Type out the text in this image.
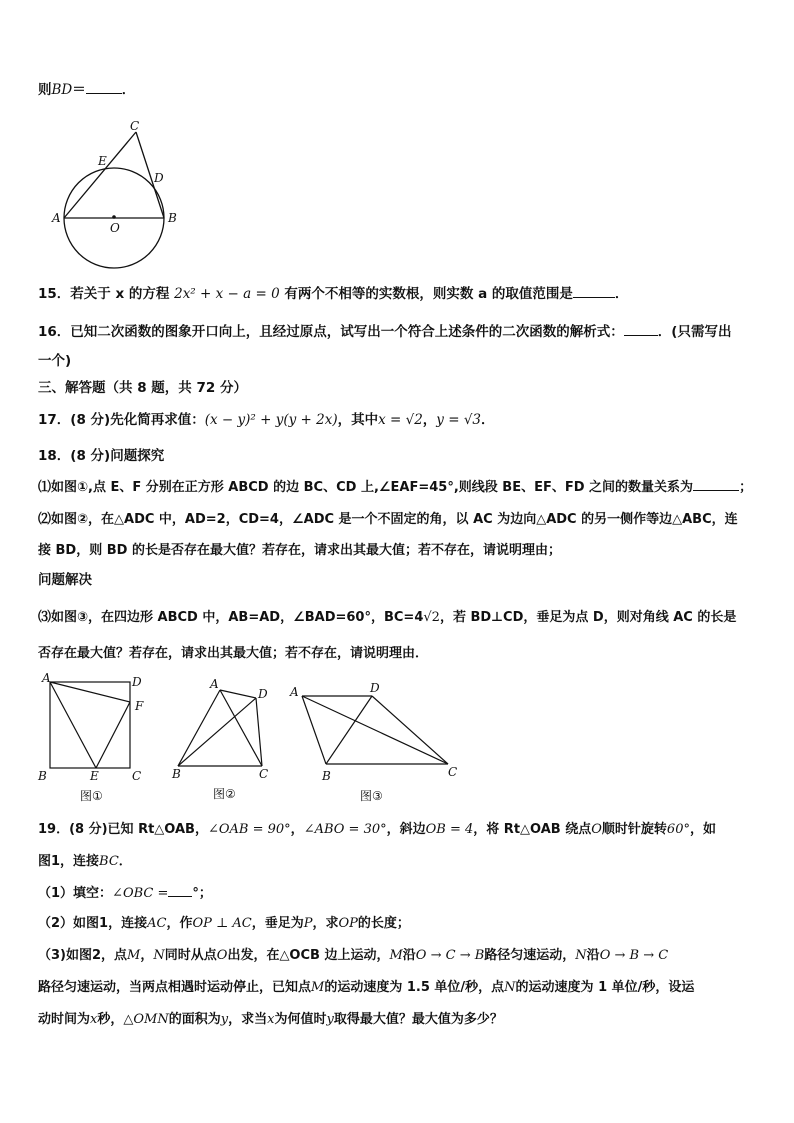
则BD＝	．
C
E
D
A
O
B
15．若关于 x 的方程 2x² + x − a = 0 有两个不相等的实数根，则实数 a 的取值范围是	．
16．已知二次函数的图象开口向上，且经过原点，试写出一个符合上述条件的二次函数的解析式：	．(只需写出
一个)
三、解答题（共 8 题，共 72 分）
17．(8 分)先化简再求值：(x − y)² + y(y + 2x)，其中x = √2，y = √3．
18．(8 分)问题探究
⑴如图①,点 E、F 分别在正方形 ABCD 的边 BC、CD 上,∠EAF=45°,则线段 BE、EF、FD 之间的数量关系为	；
⑵如图②，在△ADC 中，AD=2，CD=4，∠ADC 是一个不固定的角，以 AC 为边向△ADC 的另一侧作等边△ABC，连
接 BD，则 BD 的长是否存在最大值？若存在，请求出其最大值；若不存在，请说明理由；
问题解决
⑶如图③，在四边形 ABCD 中，AB=AD，∠BAD=60°，BC=4√2，若 BD⊥CD，垂足为点 D，则对角线 AC 的长是
否存在最大值？若存在，请求出其最大值；若不存在，请说明理由．
A	D
F
B	E	C
图①
A
D
B	C
图②
A	D
B	C
图③
19．(8 分)已知 Rt△OAB，∠OAB = 90°，∠ABO = 30°，斜边OB = 4，将 Rt△OAB 绕点O顺时针旋转60°，如
图1，连接BC．
（1）填空：∠OBC = °；
（2）如图1，连接AC，作OP ⊥ AC，垂足为P，求OP的长度；
（3)如图2，点M，N同时从点O出发，在△OCB 边上运动，M沿O → C → B路径匀速运动，N沿O → B → C
路径匀速运动，当两点相遇时运动停止，已知点M的运动速度为 1.5 单位/秒，点N的运动速度为 1 单位/秒，设运
动时间为x秒，△OMN的面积为y，求当x为何值时y取得最大值？最大值为多少？
